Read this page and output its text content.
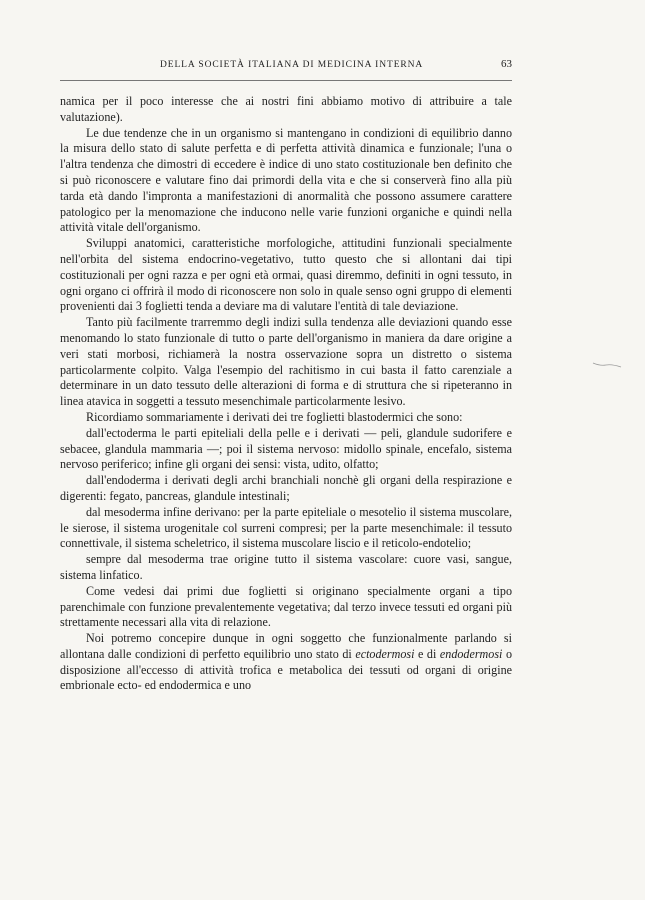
DELLA SOCIETÀ ITALIANA DI MEDICINA INTERNA	63

namica per il poco interesse che ai nostri fini abbiamo motivo di attribuire a tale valutazione).

Le due tendenze che in un organismo si mantengano in condizioni di equilibrio danno la misura dello stato di salute perfetta e di perfetta attività dinamica e funzionale; l'una o l'altra tendenza che dimostri di eccedere è indice di uno stato costituzionale ben definito che si può riconoscere e valutare fino dai primordi della vita e che si conserverà fino alla più tarda età dando l'impronta a manifestazioni di anormalità che possono assumere carattere patologico per la menomazione che inducono nelle varie funzioni organiche e quindi nella attività vitale dell'organismo.

Sviluppi anatomici, caratteristiche morfologiche, attitudini funzionali specialmente nell'orbita del sistema endocrino-vegetativo, tutto questo che si allontani dai tipi costituzionali per ogni razza e per ogni età ormai, quasi diremmo, definiti in ogni tessuto, in ogni organo ci offrirà il modo di riconoscere non solo in quale senso ogni gruppo di elementi provenienti dai 3 foglietti tenda a deviare ma di valutare l'entità di tale deviazione.

Tanto più facilmente trarremmo degli indizi sulla tendenza alle deviazioni quando esse menomando lo stato funzionale di tutto o parte dell'organismo in maniera da dare origine a veri stati morbosi, richiamerà la nostra osservazione sopra un distretto o sistema particolarmente colpito. Valga l'esempio del rachitismo in cui basta il fatto carenziale a determinare in un dato tessuto delle alterazioni di forma e di struttura che si ripeteranno in linea atavica in soggetti a tessuto mesenchimale particolarmente lesivo.

Ricordiamo sommariamente i derivati dei tre foglietti blastodermici che sono:

dall'ectoderma le parti epiteliali della pelle e i derivati — peli, glandule sudorifere e sebacee, glandula mammaria —; poi il sistema nervoso: midollo spinale, encefalo, sistema nervoso periferico; infine gli organi dei sensi: vista, udito, olfatto;

dall'endoderma i derivati degli archi branchiali nonchè gli organi della respirazione e digerenti: fegato, pancreas, glandule intestinali;

dal mesoderma infine derivano: per la parte epiteliale o mesotelio il sistema muscolare, le sierose, il sistema urogenitale col surreni compresi; per la parte mesenchimale: il tessuto connettivale, il sistema scheletrico, il sistema muscolare liscio e il reticolo-endotelio;

sempre dal mesoderma trae origine tutto il sistema vascolare: cuore vasi, sangue, sistema linfatico.

Come vedesi dai primi due foglietti si originano specialmente organi a tipo parenchimale con funzione prevalentemente vegetativa; dal terzo invece tessuti ed organi più strettamente necessari alla vita di relazione.

Noi potremo concepire dunque in ogni soggetto che funzionalmente parlando si allontana dalle condizioni di perfetto equilibrio uno stato di ectodermosi e di endodermosi o disposizione all'eccesso di attività trofica e metabolica dei tessuti od organi di origine embrionale ecto- ed endodermica e uno
